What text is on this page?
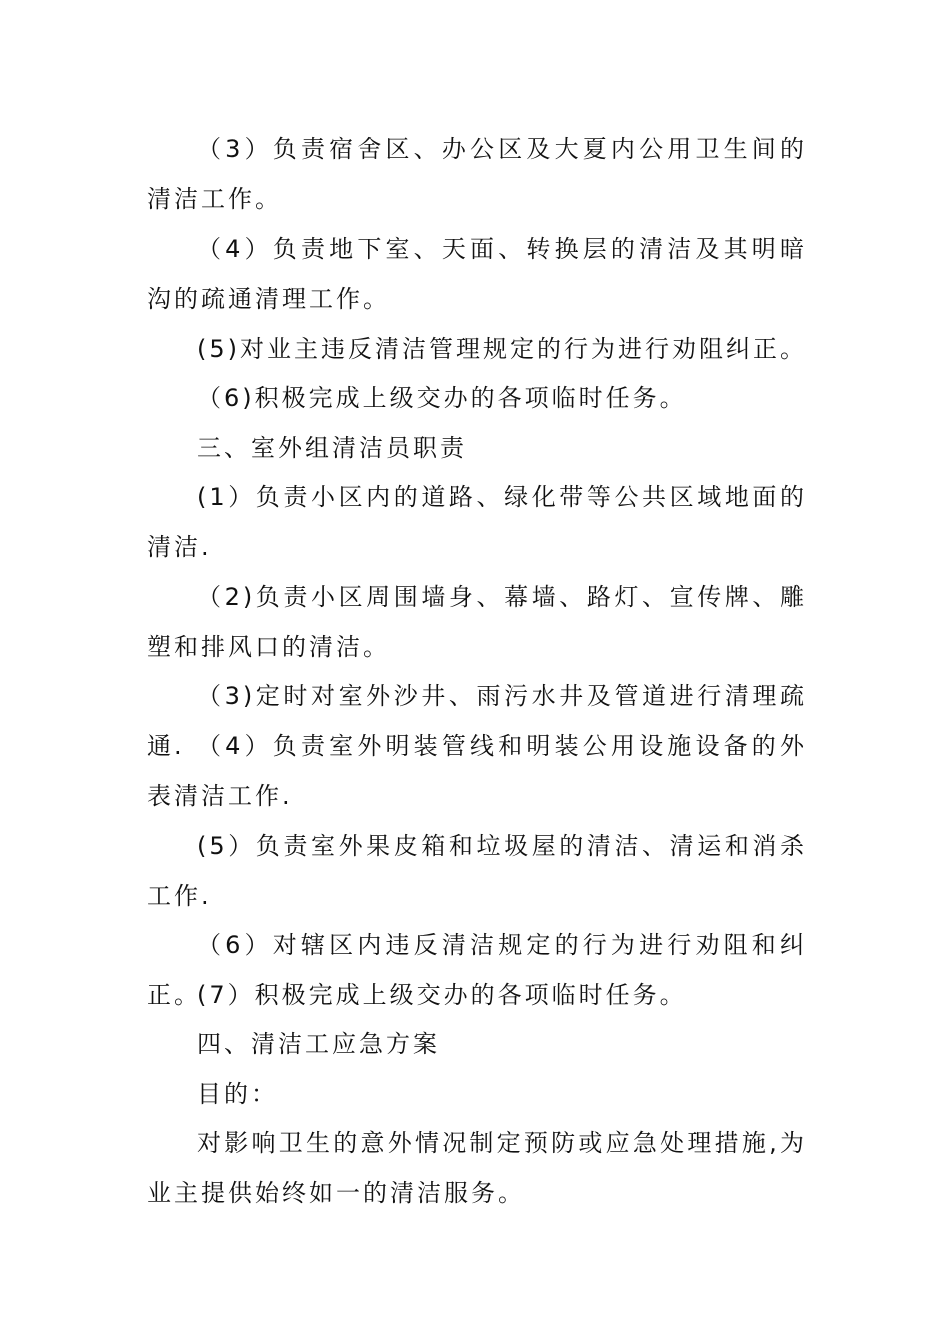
（3）负责宿舍区、办公区及大夏内公用卫生间的清洁工作。

（4）负责地下室、天面、转换层的清洁及其明暗沟的疏通清理工作。

(5)对业主违反清洁管理规定的行为进行劝阻纠正。

（6)积极完成上级交办的各项临时任务。

三、室外组清洁员职责

(1）负责小区内的道路、绿化带等公共区域地面的清洁.

（2)负责小区周围墙身、幕墙、路灯、宣传牌、雕塑和排风口的清洁。

（3)定时对室外沙井、雨污水井及管道进行清理疏通. （4）负责室外明装管线和明装公用设施设备的外表清洁工作.

(5）负责室外果皮箱和垃圾屋的清洁、清运和消杀工作.

（6）对辖区内违反清洁规定的行为进行劝阻和纠正。

(7）积极完成上级交办的各项临时任务。

四、清洁工应急方案

目的：

对影响卫生的意外情况制定预防或应急处理措施,为业主提供始终如一的清洁服务。
